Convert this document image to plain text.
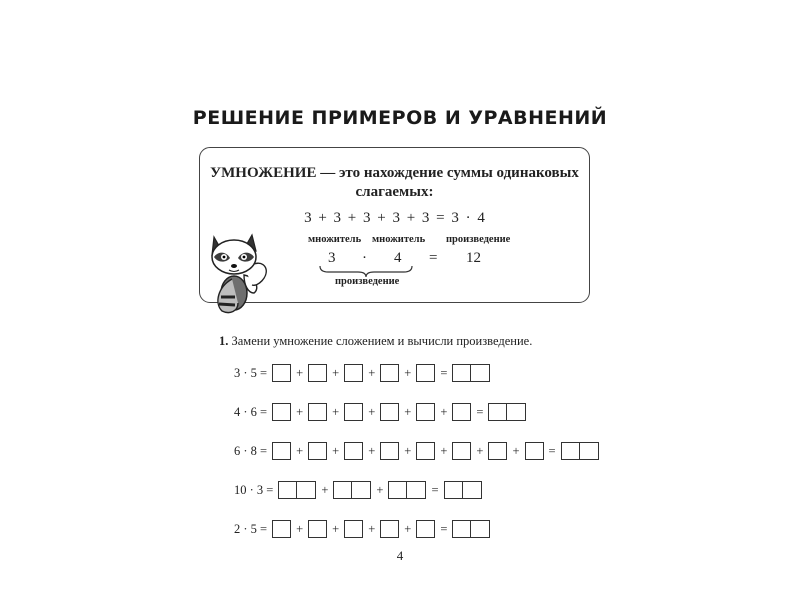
РЕШЕНИЕ ПРИМЕРОВ И УРАВНЕНИЙ
УМНОЖЕНИЕ — это нахождение суммы одинаковых
слагаемых:
3 + 3 + 3 + 3 + 3 = 3 · 4
множитель множитель произведение
3 · 4 = 12
произведение
1. Замени умножение сложением и вычисли произведение.
3 · 5 = + + + + =
4 · 6 = + + + + + =
6 · 8 = + + + + + + + =
10 · 3 =	+	+	=
2 · 5 = + + + + =
4
